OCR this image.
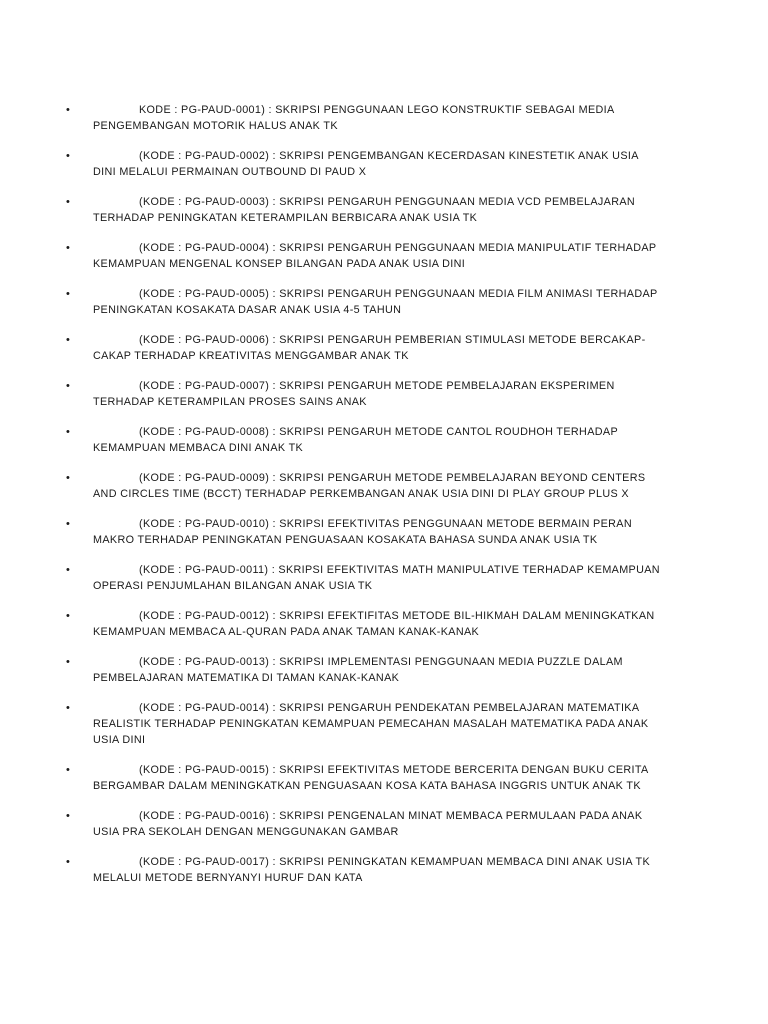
•	KODE : PG-PAUD-0001) : SKRIPSI PENGGUNAAN LEGO KONSTRUKTIF SEBAGAI MEDIA PENGEMBANGAN MOTORIK HALUS ANAK TK
•	(KODE : PG-PAUD-0002) : SKRIPSI PENGEMBANGAN KECERDASAN KINESTETIK ANAK USIA DINI MELALUI PERMAINAN OUTBOUND DI PAUD X
•	(KODE : PG-PAUD-0003) : SKRIPSI PENGARUH PENGGUNAAN MEDIA VCD PEMBELAJARAN TERHADAP PENINGKATAN KETERAMPILAN BERBICARA ANAK USIA TK
•	(KODE : PG-PAUD-0004) : SKRIPSI PENGARUH PENGGUNAAN MEDIA MANIPULATIF TERHADAP KEMAMPUAN MENGENAL KONSEP BILANGAN PADA ANAK USIA DINI
•	(KODE : PG-PAUD-0005) : SKRIPSI PENGARUH PENGGUNAAN MEDIA FILM ANIMASI TERHADAP PENINGKATAN KOSAKATA DASAR ANAK USIA 4-5 TAHUN
•	(KODE : PG-PAUD-0006) : SKRIPSI PENGARUH PEMBERIAN STIMULASI METODE BERCAKAP-CAKAP TERHADAP KREATIVITAS MENGGAMBAR ANAK TK
•	(KODE : PG-PAUD-0007) : SKRIPSI PENGARUH METODE PEMBELAJARAN EKSPERIMEN TERHADAP KETERAMPILAN PROSES SAINS ANAK
•	(KODE : PG-PAUD-0008) : SKRIPSI PENGARUH METODE CANTOL ROUDHOH TERHADAP KEMAMPUAN MEMBACA DINI ANAK TK
•	(KODE : PG-PAUD-0009) : SKRIPSI PENGARUH METODE PEMBELAJARAN BEYOND CENTERS AND CIRCLES TIME (BCCT) TERHADAP PERKEMBANGAN ANAK USIA DINI DI PLAY GROUP PLUS X
•	(KODE : PG-PAUD-0010) : SKRIPSI EFEKTIVITAS PENGGUNAAN METODE BERMAIN PERAN MAKRO TERHADAP PENINGKATAN PENGUASAAN KOSAKATA BAHASA SUNDA ANAK USIA TK
•	(KODE : PG-PAUD-0011) : SKRIPSI EFEKTIVITAS MATH MANIPULATIVE TERHADAP KEMAMPUAN OPERASI PENJUMLAHAN BILANGAN ANAK USIA TK
•	(KODE : PG-PAUD-0012) : SKRIPSI EFEKTIFITAS METODE BIL-HIKMAH DALAM MENINGKATKAN KEMAMPUAN MEMBACA AL-QURAN PADA ANAK TAMAN KANAK-KANAK
•	(KODE : PG-PAUD-0013) : SKRIPSI IMPLEMENTASI PENGGUNAAN MEDIA PUZZLE DALAM PEMBELAJARAN MATEMATIKA DI TAMAN KANAK-KANAK
•	(KODE : PG-PAUD-0014) : SKRIPSI PENGARUH PENDEKATAN PEMBELAJARAN MATEMATIKA REALISTIK TERHADAP PENINGKATAN KEMAMPUAN PEMECAHAN MASALAH MATEMATIKA PADA ANAK USIA DINI
•	(KODE : PG-PAUD-0015) : SKRIPSI EFEKTIVITAS METODE BERCERITA DENGAN BUKU CERITA BERGAMBAR DALAM MENINGKATKAN PENGUASAAN KOSA KATA BAHASA INGGRIS UNTUK ANAK TK
•	(KODE : PG-PAUD-0016) : SKRIPSI PENGENALAN MINAT MEMBACA PERMULAAN PADA ANAK USIA PRA SEKOLAH DENGAN MENGGUNAKAN GAMBAR
•	(KODE : PG-PAUD-0017) : SKRIPSI PENINGKATAN KEMAMPUAN MEMBACA DINI ANAK USIA TK MELALUI METODE BERNYANYI HURUF DAN KATA
